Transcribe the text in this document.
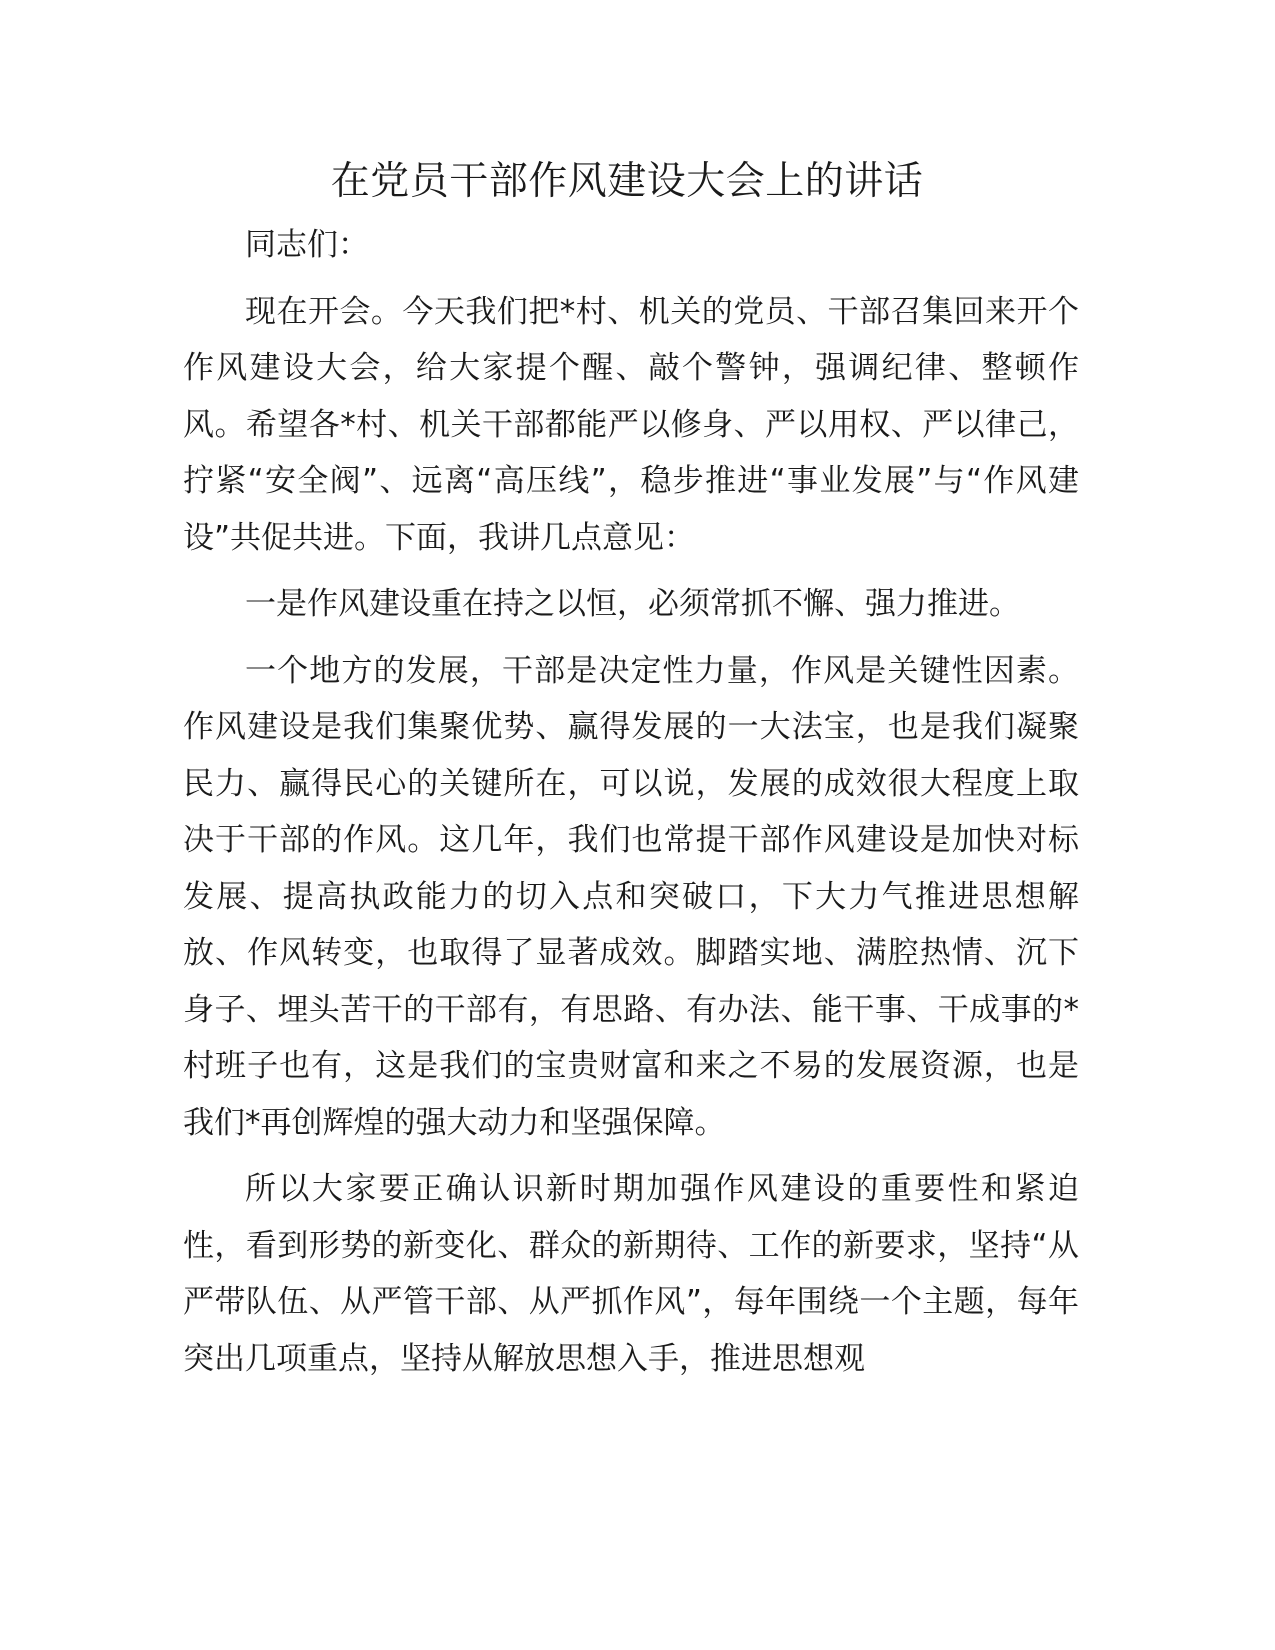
在党员干部作风建设大会上的讲话

同志们：

现在开会。今天我们把*村、机关的党员、干部召集回来开个作风建设大会，给大家提个醒、敲个警钟，强调纪律、整顿作风。希望各*村、机关干部都能严以修身、严以用权、严以律己，拧紧“安全阀”、远离“高压线”，稳步推进“事业发展”与“作风建设”共促共进。下面，我讲几点意见：

一是作风建设重在持之以恒，必须常抓不懈、强力推进。

一个地方的发展，干部是决定性力量，作风是关键性因素。作风建设是我们集聚优势、赢得发展的一大法宝，也是我们凝聚民力、赢得民心的关键所在，可以说，发展的成效很大程度上取决于干部的作风。这几年，我们也常提干部作风建设是加快对标发展、提高执政能力的切入点和突破口，下大力气推进思想解放、作风转变，也取得了显著成效。脚踏实地、满腔热情、沉下身子、埋头苦干的干部有，有思路、有办法、能干事、干成事的*村班子也有，这是我们的宝贵财富和来之不易的发展资源，也是我们*再创辉煌的强大动力和坚强保障。

所以大家要正确认识新时期加强作风建设的重要性和紧迫性，看到形势的新变化、群众的新期待、工作的新要求，坚持“从严带队伍、从严管干部、从严抓作风”，每年围绕一个主题，每年突出几项重点，坚持从解放思想入手，推进思想观
